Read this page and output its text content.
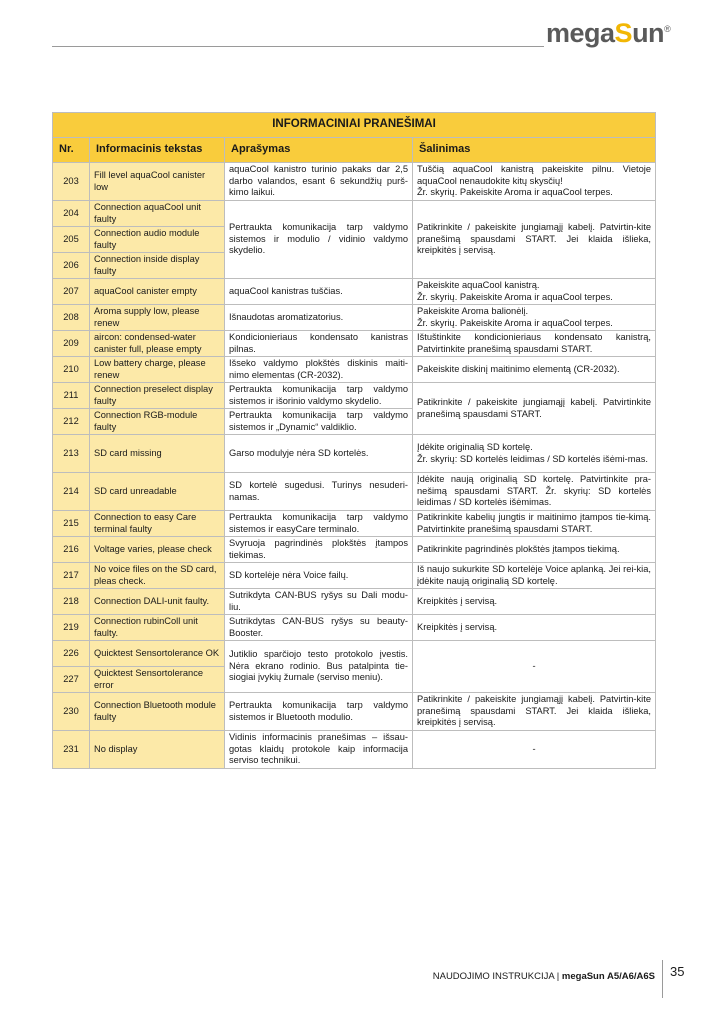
megaSun®
INFORMACINIAI PRANEŠIMAI			
Nr.	Informacinis tekstas	Aprašymas	Šalinimas
203	Fill level aquaCool canister low	aquaCool kanistro turinio pakaks dar 2,5 darbo valandos, esant 6 sekundžių purš-kimo laikui.	Tuščią aquaCool kanistrą pakeiskite pilnu. Vietoje aquaCool nenaudokite kitų skysčių!
Žr. skyrių. Pakeiskite Aroma ir aquaCool terpes.

204	Connection aquaCool unit faulty	Pertraukta komunikacija tarp valdymo sistemos ir modulio / vidinio valdymo skydelio.	Patikrinkite / pakeiskite jungiamąjį kabelį. Patvirtin-kite pranešimą spausdami START. Jei klaida išlieka, kreipkitės į servisą.
205	Connection audio module faulty		
206	Connection inside display faulty		
207	aquaCool canister empty	aquaCool kanistras tuščias.	Pakeiskite aquaCool kanistrą.
Žr. skyrių. Pakeiskite Aroma ir aquaCool terpes.

208	Aroma supply low, please renew	Išnaudotas aromatizatorius.	Pakeiskite Aroma balionėlį.
Žr. skyrių. Pakeiskite Aroma ir aquaCool terpes.

209	aircon: condensed-water canister full, please empty	Kondicionieriaus kondensato kanistras pilnas.	Ištuštinkite kondicionieriaus kondensato kanistrą, Patvirtinkite pranešimą spausdami START.

210	Low battery charge, please renew	Išseko valdymo plokštės diskinis maiti-nimo elementas (CR-2032).	Pakeiskite diskinį maitinimo elementą (CR-2032).

211	Connection preselect display faulty	Pertraukta komunikacija tarp valdymo sistemos ir išorinio valdymo skydelio.	Patikrinkite / pakeiskite jungiamąjį kabelį. Patvirtinkite pranešimą spausdami START.
212	Connection RGB-module faulty	Pertraukta komunikacija tarp valdymo sistemos ir „Dynamic“ valdiklio.	

213	SD card missing	Garso modulyje nėra SD kortelės.	Įdėkite originalią SD kortelę.
Žr. skyrių: SD kortelės leidimas / SD kortelės išėmi-mas.

214	SD card unreadable	SD kortelė sugedusi. Turinys nesuderi-namas.	Įdėkite naują originalią SD kortelę. Patvirtinkite pra-nešimą spausdami START. Žr. skyrių: SD kortelės leidimas / SD kortelės išėmimas.

215	Connection to easy Care terminal faulty	Pertraukta komunikacija tarp valdymo sistemos ir easyCare terminalo.	Patikrinkite kabelių jungtis ir maitinimo įtampos tie-kimą. Patvirtinkite pranešimą spausdami START.

216	Voltage varies, please check	Svyruoja pagrindinės plokštės įtampos tiekimas.	Patikrinkite pagrindinės plokštės įtampos tiekimą.

217	No voice files on the SD card, pleas check.	SD kortelėje nėra Voice failų.	Iš naujo sukurkite SD kortelėje Voice aplanką. Jei rei-kia, įdėkite naują originalią SD kortelę.

218	Connection DALI-unit faulty.	Sutrikdyta CAN-BUS ryšys su Dali modu-liu.	Kreipkitės į servisą.

219	Connection rubinColl unit faulty.	Sutrikdytas CAN-BUS ryšys su beauty-Booster.	Kreipkitės į servisą.

226	Quicktest Sensortolerance OK	Jutiklio sparčiojo testo protokolo įvestis. Nėra ekrano rodinio. Bus patalpinta tie-siogiai įvykių žurnale (serviso meniu).	-

227	Quicktest Sensortolerance error		
230	Connection Bluetooth module faulty	Pertraukta komunikacija tarp valdymo sistemos ir Bluetooth modulio.	Patikrinkite / pakeiskite jungiamąjį kabelį. Patvirtin-kite pranešimą spausdami START. Jei klaida išlieka, kreipkitės į servisą.

231	No display	Vidinis informacinis pranešimas – išsau-gotas klaidų protokole kaip informacija serviso technikui.	-
NAUDOJIMO INSTRUKCIJA | megaSun A5/A6/A6S 35
